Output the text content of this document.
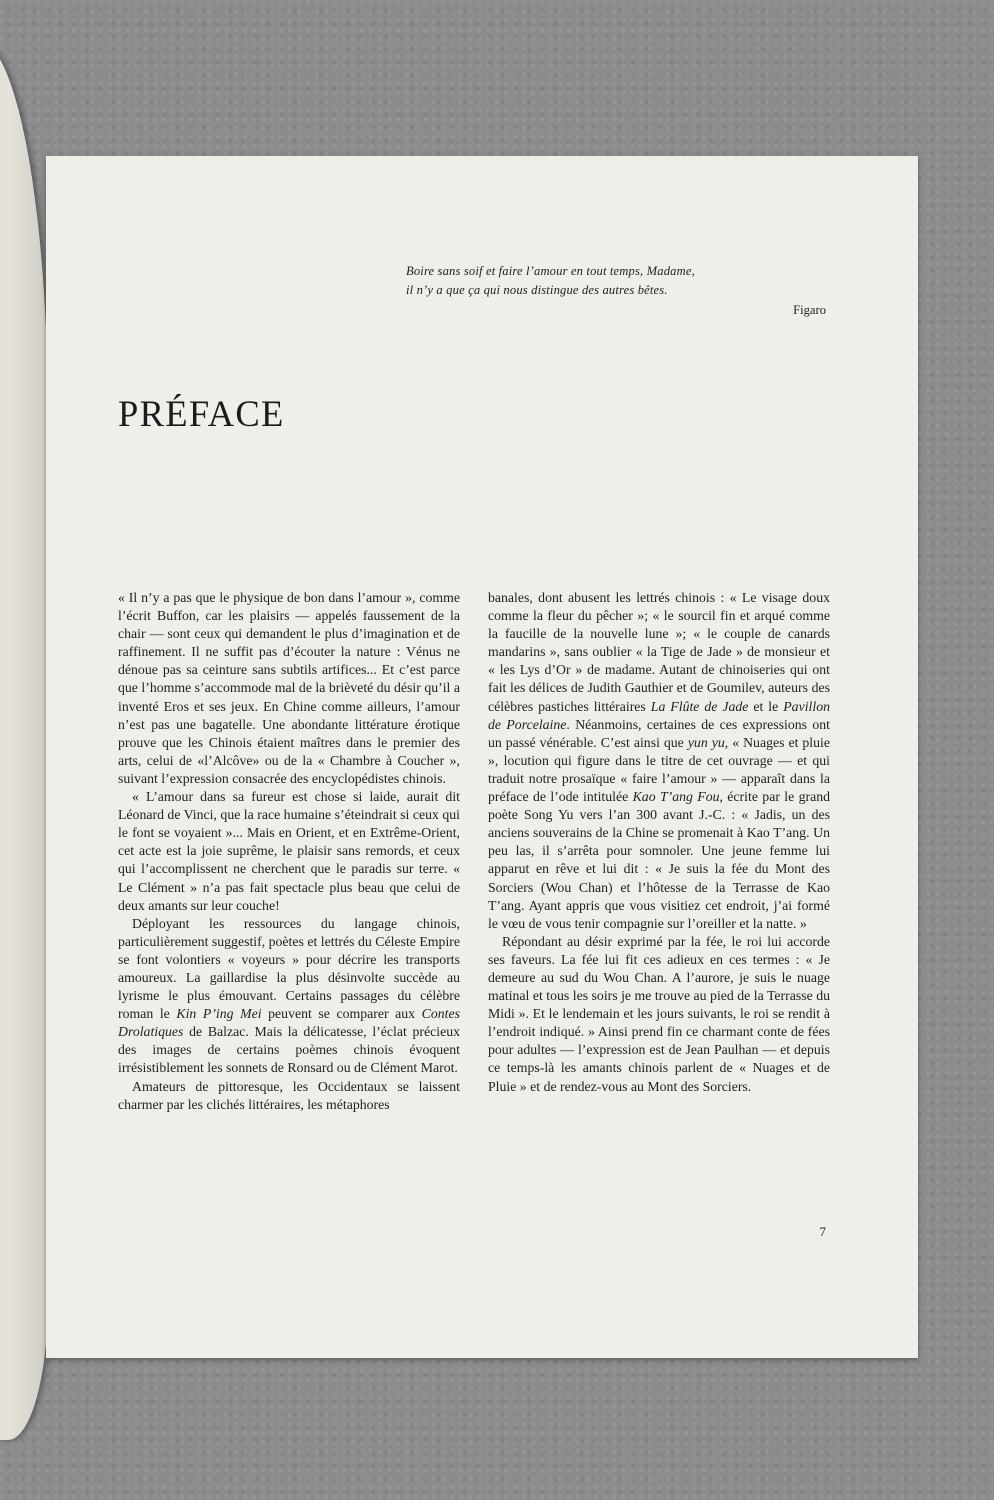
Boire sans soif et faire l’amour en tout temps, Madame,
il n’y a que ça qui nous distingue des autres bêtes.
Figaro
PRÉFACE

« Il n’y a pas que le physique de bon dans l’amour », comme l’écrit Buffon, car les plaisirs — appelés faussement de la chair — sont ceux qui demandent le plus d’imagination et de raffinement. Il ne suffit pas d’écouter la nature : Vénus ne dénoue pas sa ceinture sans subtils artifices... Et c’est parce que l’homme s’accommode mal de la brièveté du désir qu’il a inventé Eros et ses jeux. En Chine comme ailleurs, l’amour n’est pas une bagatelle. Une abondante littérature érotique prouve que les Chinois étaient maîtres dans le premier des arts, celui de «l’Alcôve» ou de la « Chambre à Coucher », suivant l’expression consacrée des encyclopédistes chinois.

« L’amour dans sa fureur est chose si laide, aurait dit Léonard de Vinci, que la race humaine s’éteindrait si ceux qui le font se voyaient »... Mais en Orient, et en Extrême-Orient, cet acte est la joie suprême, le plaisir sans remords, et ceux qui l’accomplissent ne cherchent que le paradis sur terre. « Le Clément » n’a pas fait spectacle plus beau que celui de deux amants sur leur couche!

Déployant les ressources du langage chinois, particulièrement suggestif, poètes et lettrés du Céleste Empire se font volontiers « voyeurs » pour décrire les transports amoureux. La gaillardise la plus désinvolte succède au lyrisme le plus émouvant. Certains passages du célèbre roman le Kin P’ing Mei peuvent se comparer aux Contes Drolatiques de Balzac. Mais la délicatesse, l’éclat précieux des images de certains poèmes chinois évoquent irrésistiblement les sonnets de Ronsard ou de Clément Marot.

Amateurs de pittoresque, les Occidentaux se laissent charmer par les clichés littéraires, les métaphores

banales, dont abusent les lettrés chinois : « Le visage doux comme la fleur du pêcher »; « le sourcil fin et arqué comme la faucille de la nouvelle lune »; « le couple de canards mandarins », sans oublier « la Tige de Jade » de monsieur et « les Lys d’Or » de madame. Autant de chinoiseries qui ont fait les délices de Judith Gauthier et de Goumilev, auteurs des célèbres pastiches littéraires La Flûte de Jade et le Pavillon de Porcelaine. Néanmoins, certaines de ces expressions ont un passé vénérable. C’est ainsi que yun yu, « Nuages et pluie », locution qui figure dans le titre de cet ouvrage — et qui traduit notre prosaïque « faire l’amour » — apparaît dans la préface de l’ode intitulée Kao T’ang Fou, écrite par le grand poète Song Yu vers l’an 300 avant J.-C. : « Jadis, un des anciens souverains de la Chine se promenait à Kao T’ang. Un peu las, il s’arrêta pour somnoler. Une jeune femme lui apparut en rêve et lui dit : « Je suis la fée du Mont des Sorciers (Wou Chan) et l’hôtesse de la Terrasse de Kao T’ang. Ayant appris que vous visitiez cet endroit, j’ai formé le vœu de vous tenir compagnie sur l’oreiller et la natte. »

Répondant au désir exprimé par la fée, le roi lui accorde ses faveurs. La fée lui fit ces adieux en ces termes : « Je demeure au sud du Wou Chan. A l’aurore, je suis le nuage matinal et tous les soirs je me trouve au pied de la Terrasse du Midi ». Et le lendemain et les jours suivants, le roi se rendit à l’endroit indiqué. » Ainsi prend fin ce charmant conte de fées pour adultes — l’expression est de Jean Paulhan — et depuis ce temps-là les amants chinois parlent de « Nuages et de Pluie » et de rendez-vous au Mont des Sorciers.

7
